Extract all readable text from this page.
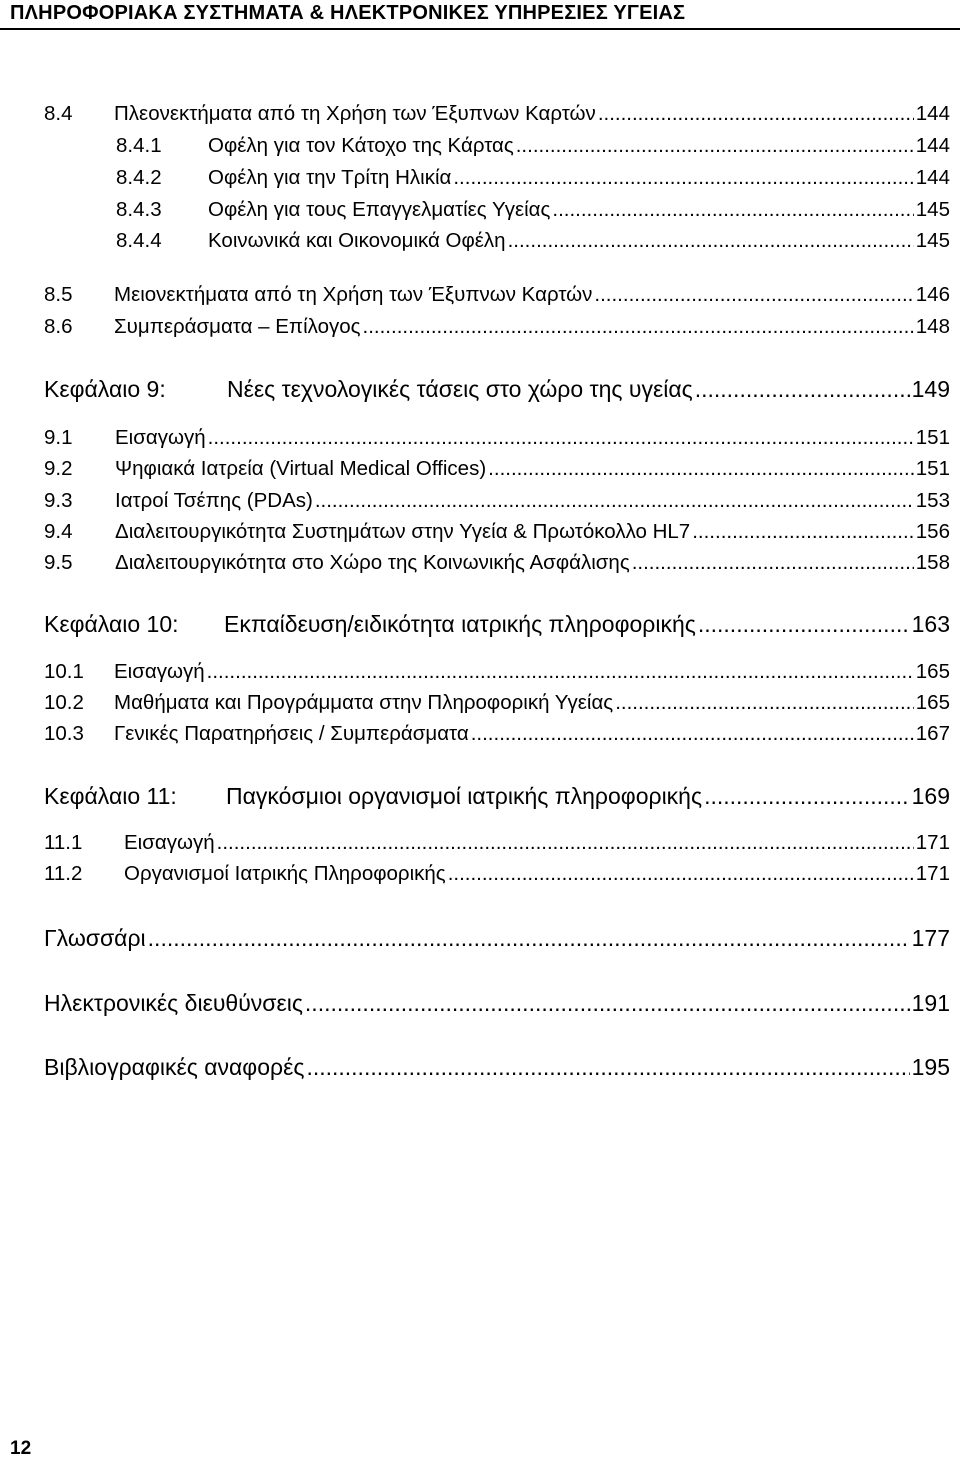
ΠΛΗΡΟΦΟΡΙΑΚΑ ΣΥΣΤΗΜΑΤΑ & ΗΛΕΚΤΡΟΝΙΚΕΣ ΥΠΗΡΕΣΙΕΣ ΥΓΕΙΑΣ
8.4	Πλεονεκτήματα από τη Χρήση των Έξυπνων Καρτών .....	144
8.4.1	Οφέλη για τον Κάτοχο της Κάρτας .....	144
8.4.2	Οφέλη για την Τρίτη Ηλικία .....	144
8.4.3	Οφέλη για τους Επαγγελματίες Υγείας .....	145
8.4.4	Κοινωνικά και Οικονομικά Οφέλη .....	145
8.5	Μειονεκτήματα από τη Χρήση των Έξυπνων Καρτών .....	146
8.6	Συμπεράσματα – Επίλογος .....	148
Κεφάλαιο 9:	Νέες τεχνολογικές τάσεις στο χώρο της υγείας .....	149
9.1	Εισαγωγή .....	151
9.2	Ψηφιακά Ιατρεία (Virtual Medical Offices) .....	151
9.3	Ιατροί Τσέπης (PDAs) .....	153
9.4	Διαλειτουργικότητα Συστημάτων στην Υγεία & Πρωτόκολλο HL7 .....	156
9.5	Διαλειτουργικότητα στο Χώρο της Κοινωνικής Ασφάλισης .....	158
Κεφάλαιο 10:	Εκπαίδευση/ειδικότητα ιατρικής πληροφορικής .....	163
10.1	Εισαγωγή .....	165
10.2	Μαθήματα και Προγράμματα στην Πληροφορική Υγείας .....	165
10.3	Γενικές Παρατηρήσεις / Συμπεράσματα .....	167
Κεφάλαιο 11:	Παγκόσμιοι οργανισμοί ιατρικής πληροφορικής .....	169
11.1	Εισαγωγή .....	171
11.2	Οργανισμοί Ιατρικής Πληροφορικής .....	171
Γλωσσάρι .....	177
Ηλεκτρονικές διευθύνσεις .....	191
Βιβλιογραφικές αναφορές .....	195
12
